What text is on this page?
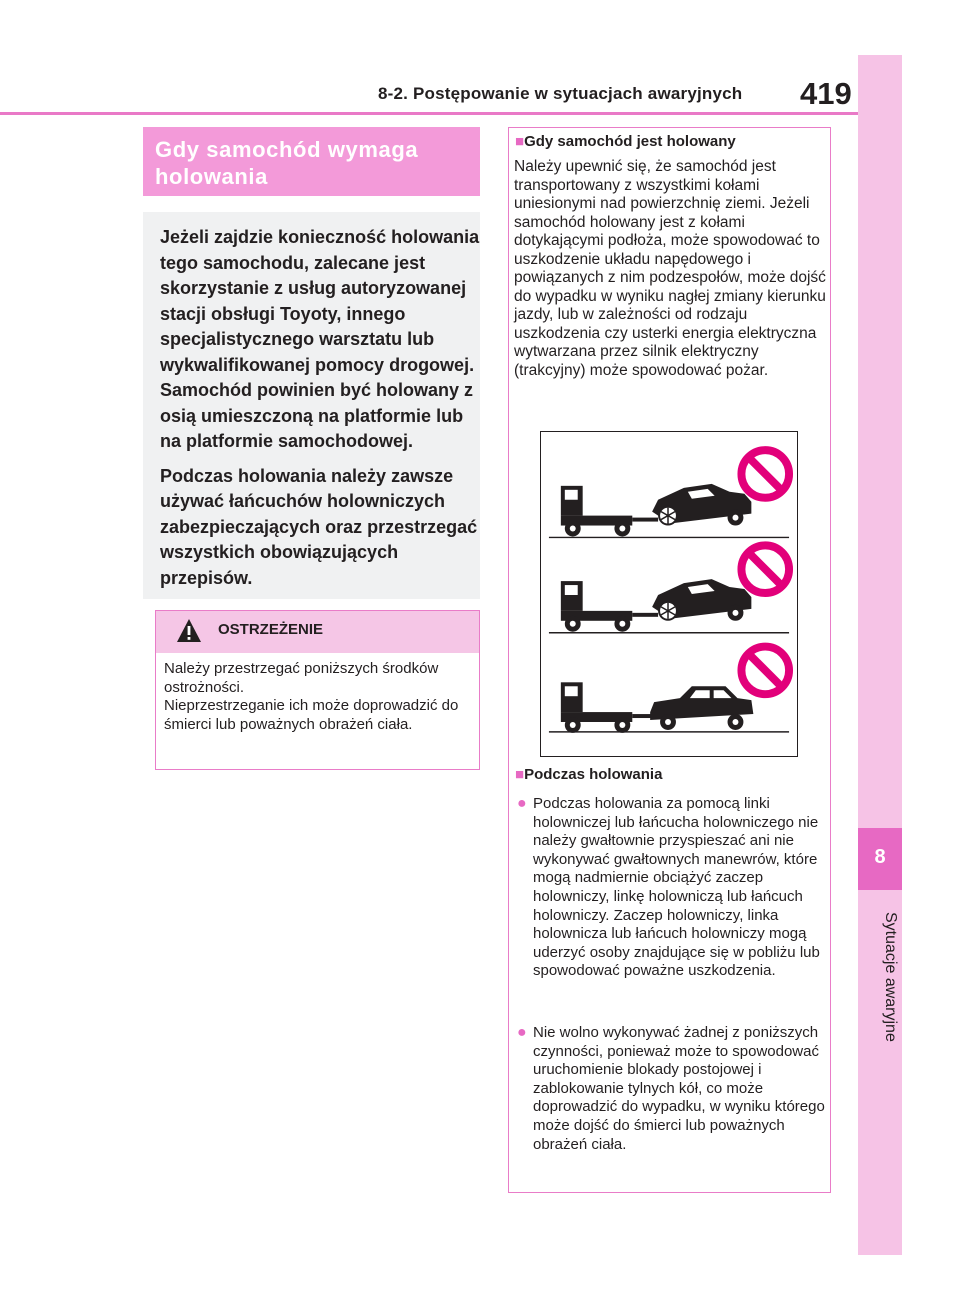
8-2. Postępowanie w sytuacjach awaryjnych 419
8
Sytuacje awaryjne
Gdy samochód wymaga holowania

Jeżeli zajdzie konieczność holowania tego samochodu, zalecane jest skorzystanie z usług autoryzowanej stacji obsługi Toyoty, innego specjalistycznego warsztatu lub wykwalifikowanej pomocy drogowej. Samochód powinien być holowany z osią umieszczoną na platformie lub na platformie samochodowej.

Podczas holowania należy zawsze używać łańcuchów holowniczych zabezpieczających oraz przestrzegać wszystkich obowiązujących przepisów.

OSTRZEŻENIE

Należy przestrzegać poniższych środków ostrożności.

Nieprzestrzeganie ich może doprowadzić do śmierci lub poważnych obrażeń ciała.

■Gdy samochód jest holowany
Należy upewnić się, że samochód jest transportowany z wszystkimi kołami uniesionymi nad powierzchnię ziemi. Jeżeli samochód holowany jest z kołami dotykającymi podłoża, może spowodować to uszkodzenie układu napędowego i powiązanych z nim podzespołów, może dojść do wypadku w wyniku nagłej zmiany kierunku jazdy, lub w zależności od rodzaju uszkodzenia czy usterki energia elektryczna wytwarzana przez silnik elektryczny (trakcyjny) może spowodować pożar.
■Podczas holowania
● Podczas holowania za pomocą linki holowniczej lub łańcucha holowniczego nie należy gwałtownie przyspieszać ani nie wykonywać gwałtownych manewrów, które mogą nadmiernie obciążyć zaczep holowniczy, linkę holowniczą lub łańcuch holowniczy. Zaczep holowniczy, linka holownicza lub łańcuch holowniczy mogą uderzyć osoby znajdujące się w pobliżu lub spowodować poważne uszkodzenia.
● Nie wolno wykonywać żadnej z poniższych czynności, ponieważ może to spowodować uruchomienie blokady postojowej i zablokowanie tylnych kół, co może doprowadzić do wypadku, w wyniku którego może dojść do śmierci lub poważnych obrażeń ciała.
